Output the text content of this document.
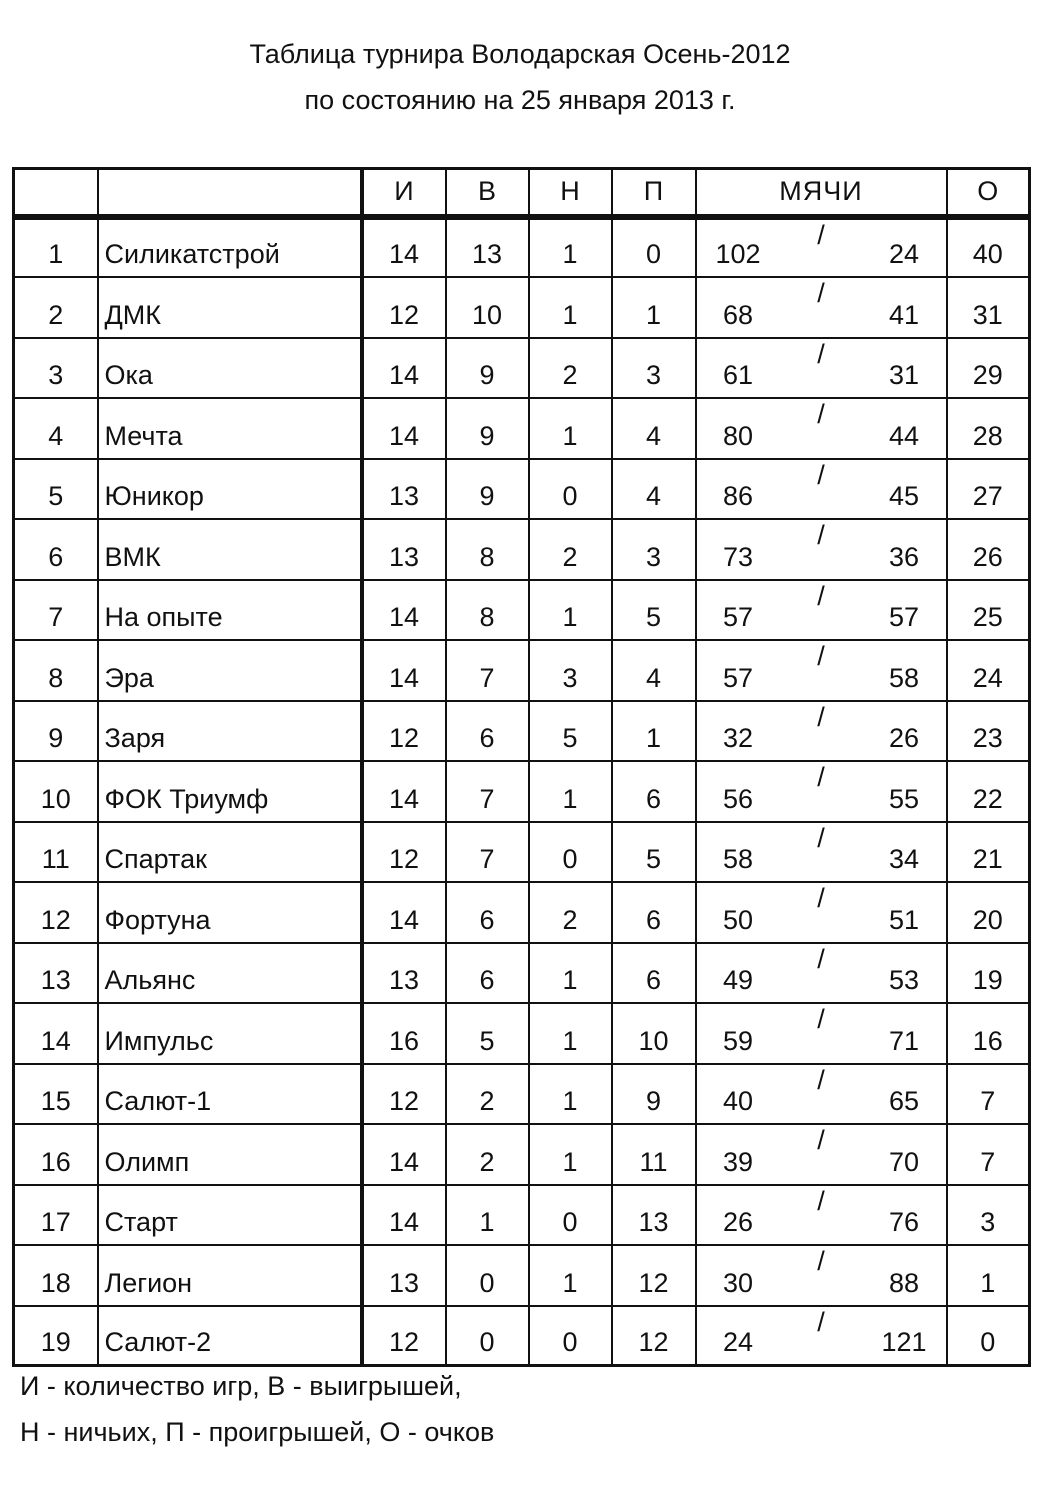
Таблица турнира Володарская Осень-2012
по состоянию на 25 января 2013 г.
		И	В	Н	П	МЯЧИ			О
1	Силикатстрой	14	13	1	0	102	/	24	40
2	ДМК	12	10	1	1	68	/	41	31
3	Ока	14	9	2	3	61	/	31	29
4	Мечта	14	9	1	4	80	/	44	28
5	Юникор	13	9	0	4	86	/	45	27
6	ВМК	13	8	2	3	73	/	36	26
7	На опыте	14	8	1	5	57	/	57	25
8	Эра	14	7	3	4	57	/	58	24
9	Заря	12	6	5	1	32	/	26	23
10	ФОК Триумф	14	7	1	6	56	/	55	22
11	Спартак	12	7	0	5	58	/	34	21
12	Фортуна	14	6	2	6	50	/	51	20
13	Альянс	13	6	1	6	49	/	53	19
14	Импульс	16	5	1	10	59	/	71	16
15	Салют-1	12	2	1	9	40	/	65	7
16	Олимп	14	2	1	11	39	/	70	7
17	Старт	14	1	0	13	26	/	76	3
18	Легион	13	0	1	12	30	/	88	1
19	Салют-2	12	0	0	12	24	/	121	0
И - количество игр, В - выигрышей,
Н - ничьих, П - проигрышей, О - очков
